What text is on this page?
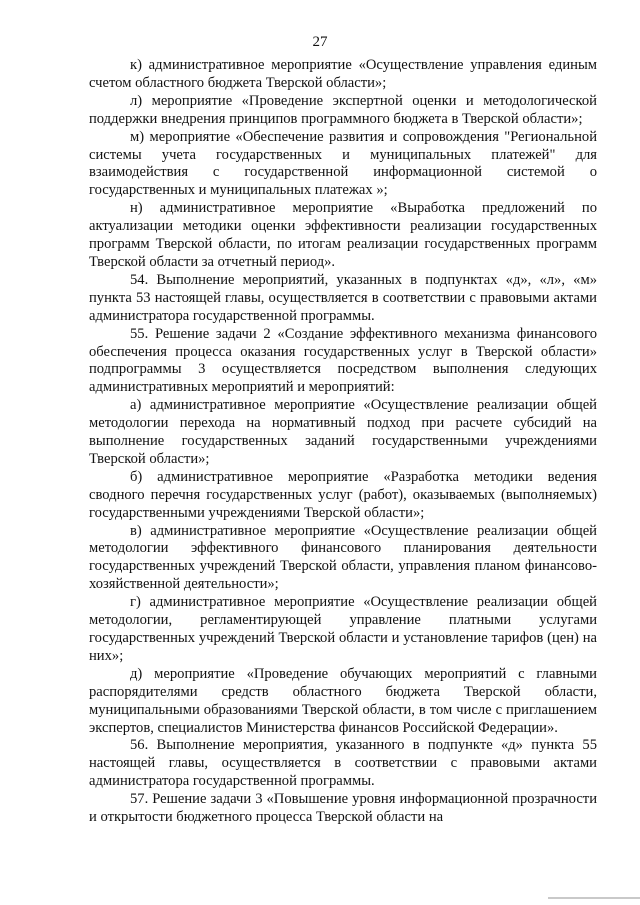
27

к) административное мероприятие «Осуществление управления единым счетом областного бюджета Тверской области»;

л) мероприятие «Проведение экспертной оценки и методологической поддержки внедрения принципов программного бюджета в Тверской области»;

м) мероприятие «Обеспечение развития и сопровождения "Региональной системы учета государственных и муниципальных платежей" для взаимодействия с государственной информационной системой о государственных и муниципальных платежах »;

н) административное мероприятие «Выработка предложений по актуализации методики оценки эффективности реализации государственных программ Тверской области, по итогам реализации государственных программ Тверской области за отчетный период».

54. Выполнение мероприятий, указанных в подпунктах «д», «л», «м» пункта 53 настоящей главы, осуществляется в соответствии с правовыми актами администратора государственной программы.

55. Решение задачи 2 «Создание эффективного механизма финансового обеспечения процесса оказания государственных услуг в Тверской области» подпрограммы 3 осуществляется посредством выполнения следующих административных мероприятий и мероприятий:

а) административное мероприятие «Осуществление реализации общей методологии перехода на нормативный подход при расчете субсидий на выполнение государственных заданий государственными учреждениями Тверской области»;

б) административное мероприятие «Разработка методики ведения сводного перечня государственных услуг (работ), оказываемых (выполняемых) государственными учреждениями Тверской области»;

в) административное мероприятие «Осуществление реализации общей методологии эффективного финансового планирования деятельности государственных учреждений Тверской области, управления планом финансово-хозяйственной деятельности»;

г) административное мероприятие «Осуществление реализации общей методологии, регламентирующей управление платными услугами государственных учреждений Тверской области и установление тарифов (цен) на них»;

д) мероприятие «Проведение обучающих мероприятий с главными распорядителями средств областного бюджета Тверской области, муниципальными образованиями Тверской области, в том числе с приглашением экспертов, специалистов Министерства финансов Российской Федерации».

56. Выполнение мероприятия, указанного в подпункте «д» пункта 55 настоящей главы, осуществляется в соответствии с правовыми актами администратора государственной программы.

57. Решение задачи 3 «Повышение уровня информационной прозрачности и открытости бюджетного процесса Тверской области на
